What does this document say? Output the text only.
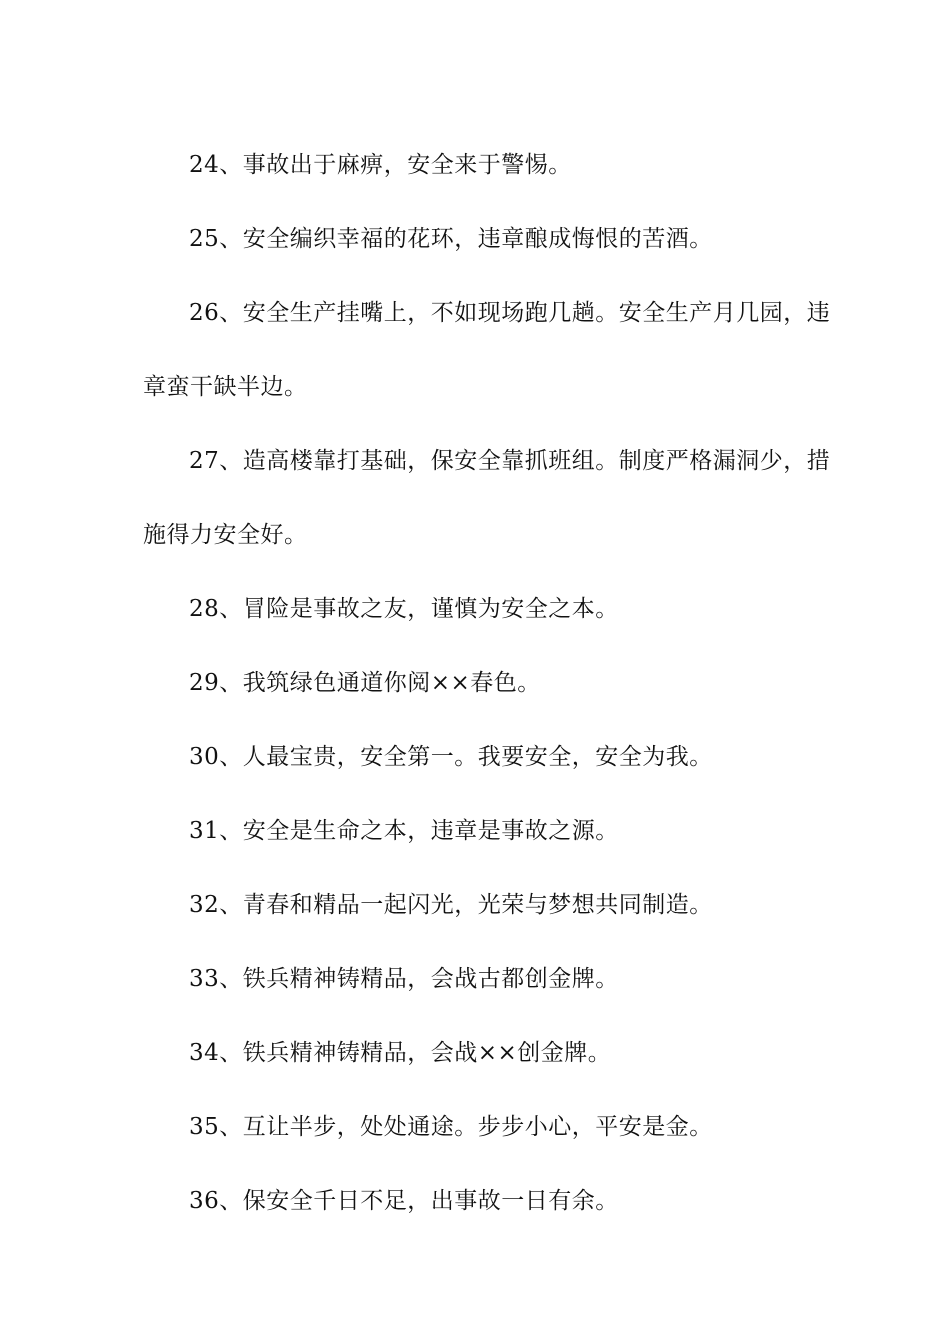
24、事故出于麻痹，安全来于警惕。

25、安全编织幸福的花环，违章酿成悔恨的苦酒。

26、安全生产挂嘴上，不如现场跑几趟。安全生产月几园，违章蛮干缺半边。

27、造高楼靠打基础，保安全靠抓班组。制度严格漏洞少，措施得力安全好。

28、冒险是事故之友，谨慎为安全之本。

29、我筑绿色通道你阅××春色。

30、人最宝贵，安全第一。我要安全，安全为我。

31、安全是生命之本，违章是事故之源。

32、青春和精品一起闪光，光荣与梦想共同制造。

33、铁兵精神铸精品，会战古都创金牌。

34、铁兵精神铸精品，会战××创金牌。

35、互让半步，处处通途。步步小心，平安是金。

36、保安全千日不足，出事故一日有余。
